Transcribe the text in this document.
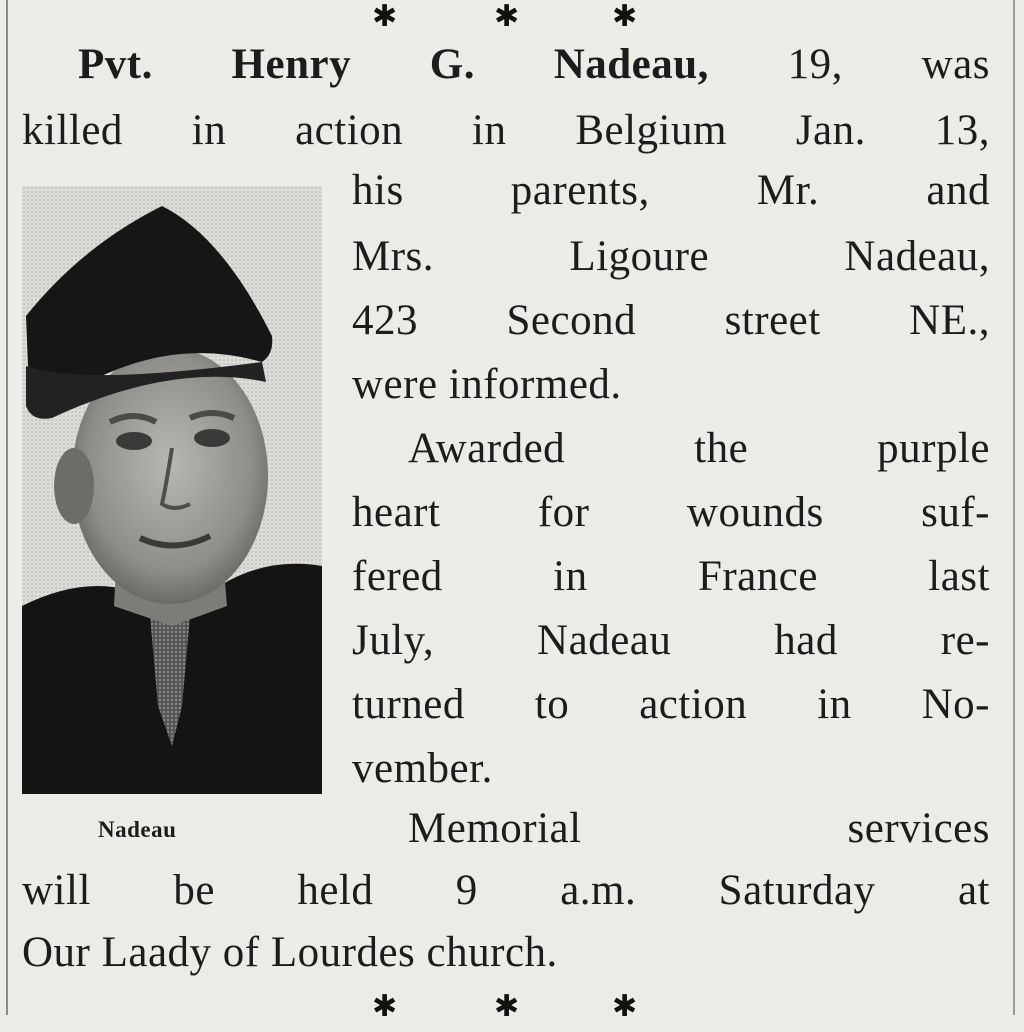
✱	✱	✱
Pvt. Henry G. Nadeau, 19, was
killed in action in Belgium Jan. 13,
his parents, Mr. and
Mrs. Ligoure Nadeau,
423 Second street NE.,
were informed.
Awarded the purple
heart for wounds suf-
fered in France last
July, Nadeau had re-
turned to action in No-
vember.
Memorial services
will be held 9 a.m. Saturday at
Our Laady of Lourdes church.
Nadeau
✱	✱	✱
